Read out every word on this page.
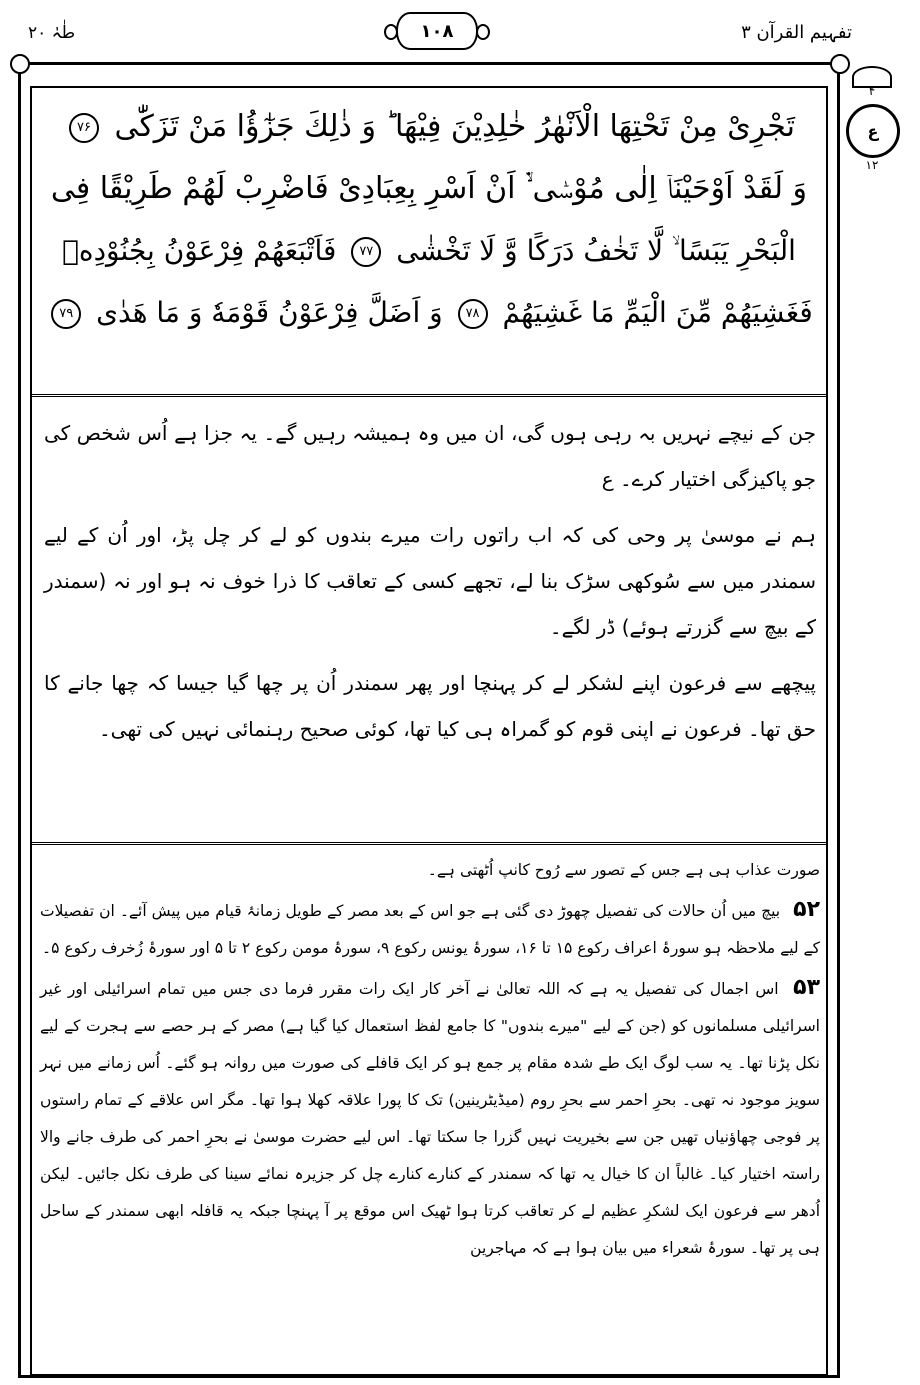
طٰہٰ ۲۰	۱۰۸	تفہیم القرآن ۳
۴
ع
۱۲
تَجْرِیْ مِنْ تَحْتِهَا الْاَنْهٰرُ خٰلِدِیْنَ فِیْهَا ؕ وَ ذٰلِكَ جَزٰٓؤُا مَنْ تَزَكّٰى ۷۶
وَ لَقَدْ اَوْحَیْنَاۤ اِلٰى مُوْسٰۤى ۙ۬ اَنْ اَسْرِ بِعِبَادِیْ فَاضْرِبْ لَهُمْ طَرِیْقًا فِی
الْبَحْرِ یَبَسًا ۙ لَّا تَخٰفُ دَرَكًا وَّ لَا تَخْشٰى ۷۷ فَاَتْبَعَهُمْ فِرْعَوْنُ بِجُنُوْدِهٖ
فَغَشِیَهُمْ مِّنَ الْیَمِّ مَا غَشِیَهُمْ ۷۸ وَ اَضَلَّ فِرْعَوْنُ قَوْمَهٗ وَ مَا هَدٰى ۷۹

جن کے نیچے نہریں بہ رہی ہوں گی، ان میں وہ ہمیشہ رہیں گے۔ یہ جزا ہے اُس شخص کی جو پاکیزگی اختیار کرے۔ ع

ہم نے موسیٰ پر وحی کی کہ اب راتوں رات میرے بندوں کو لے کر چل پڑ، اور اُن کے لیے سمندر میں سے سُوکھی سڑک بنا لے، تجھے کسی کے تعاقب کا ذرا خوف نہ ہو اور نہ (سمندر کے بیچ سے گزرتے ہوئے) ڈر لگے۔

پیچھے سے فرعون اپنے لشکر لے کر پہنچا اور پھر سمندر اُن پر چھا گیا جیسا کہ چھا جانے کا حق تھا۔ فرعون نے اپنی قوم کو گمراہ ہی کیا تھا، کوئی صحیح رہنمائی نہیں کی تھی۔

صورت عذاب ہی ہے جس کے تصور سے رُوح کانپ اُٹھتی ہے۔

۵۲ بیچ میں اُن حالات کی تفصیل چھوڑ دی گئی ہے جو اس کے بعد مصر کے طویل زمانۂ قیام میں پیش آئے۔ ان تفصیلات کے لیے ملاحظہ ہو سورۂ اعراف رکوع ۱۵ تا ۱۶، سورۂ یونس رکوع ۹، سورۂ مومن رکوع ۲ تا ۵ اور سورۂ زُخرف رکوع ۵۔

۵۳ اس اجمال کی تفصیل یہ ہے کہ اللہ تعالیٰ نے آخر کار ایک رات مقرر فرما دی جس میں تمام اسرائیلی اور غیر اسرائیلی مسلمانوں کو (جن کے لیے "میرے بندوں" کا جامع لفظ استعمال کیا گیا ہے) مصر کے ہر حصے سے ہجرت کے لیے نکل پڑنا تھا۔ یہ سب لوگ ایک طے شدہ مقام پر جمع ہو کر ایک قافلے کی صورت میں روانہ ہو گئے۔ اُس زمانے میں نہر سویز موجود نہ تھی۔ بحرِ احمر سے بحرِ روم (میڈیٹرینین) تک کا پورا علاقہ کھلا ہوا تھا۔ مگر اس علاقے کے تمام راستوں پر فوجی چھاؤنیاں تھیں جن سے بخیریت نہیں گزرا جا سکتا تھا۔ اس لیے حضرت موسیٰ نے بحرِ احمر کی طرف جانے والا راستہ اختیار کیا۔ غالباً ان کا خیال یہ تھا کہ سمندر کے کنارے کنارے چل کر جزیرہ نمائے سینا کی طرف نکل جائیں۔ لیکن اُدھر سے فرعون ایک لشکرِ عظیم لے کر تعاقب کرتا ہوا ٹھیک اس موقع پر آ پہنچا جبکہ یہ قافلہ ابھی سمندر کے ساحل ہی پر تھا۔ سورۂ شعراء میں بیان ہوا ہے کہ مہاجرین
